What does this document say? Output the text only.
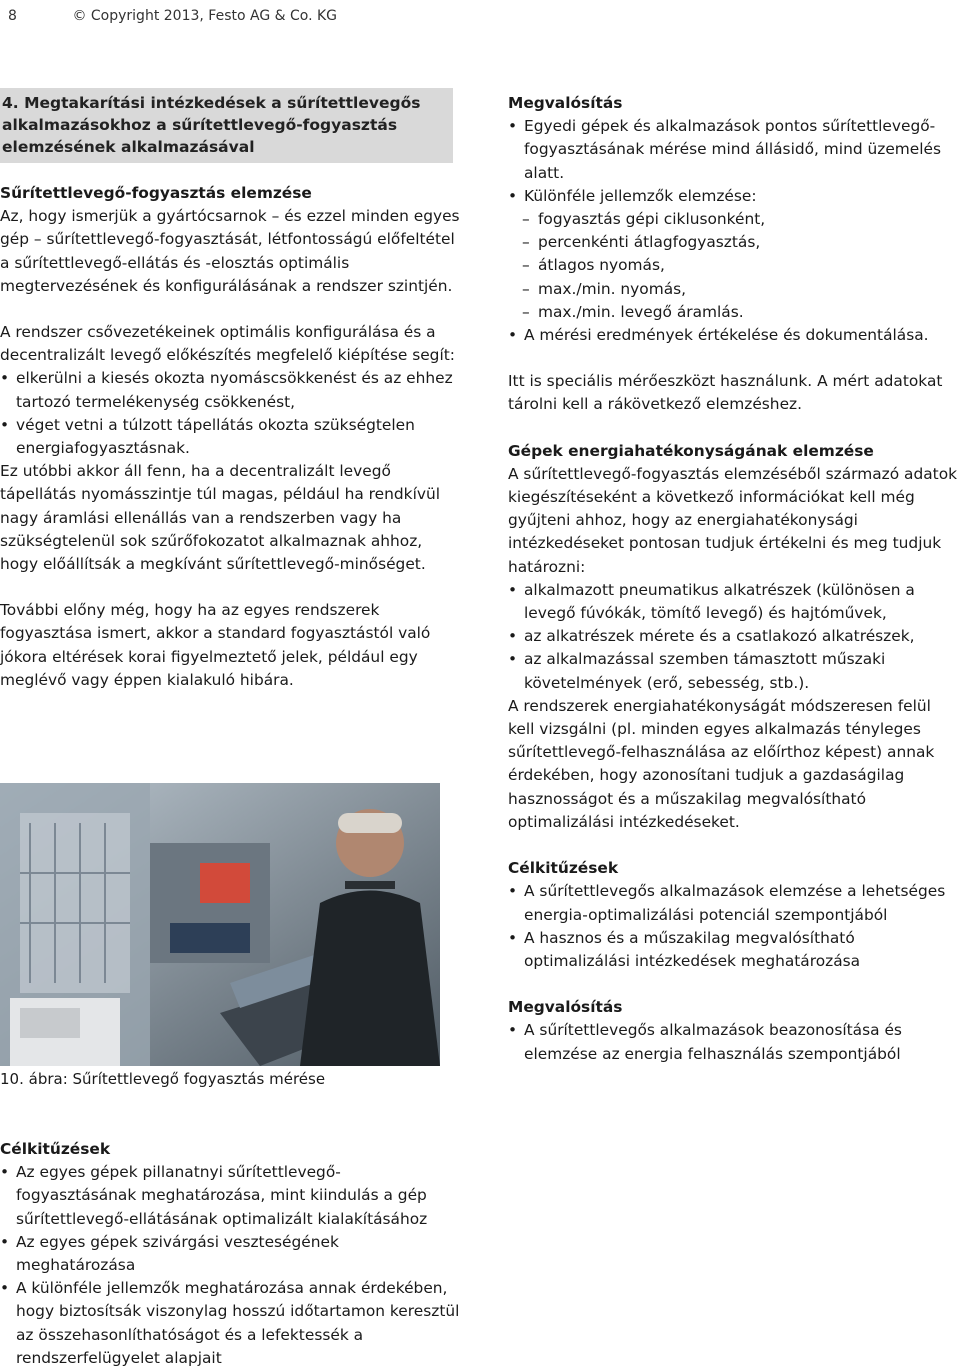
8	© Copyright 2013, Festo AG & Co. KG
4. Megtakarítási intézkedések a sűrítettlevegős alkalmazásokhoz a sűrítettlevegő-fogyasztás elemzésének alkalmazásával
Sűrítettlevegő-fogyasztás elemzése
Az, hogy ismerjük a gyártócsarnok – és ezzel minden egyes gép – sűrítettlevegő-fogyasztását, létfontosságú előfeltétel a sűrítettlevegő-ellátás és -elosztás optimális megtervezésének és konfigurálásának a rendszer szintjén.
A rendszer csővezetékeinek optimális konfigurálása és a decentralizált levegő előkészítés megfelelő kiépítése segít:
• elkerülni a kiesés okozta nyomáscsökkenést és az ehhez tartozó termelékenység csökkenést,
• véget vetni a túlzott tápellátás okozta szükségtelen energiafogyasztásnak.
Ez utóbbi akkor áll fenn, ha a decentralizált levegő tápellátás nyomásszintje túl magas, például ha rendkívül nagy áramlási ellenállás van a rendszerben vagy ha szükségtelenül sok szűrőfokozatot alkalmaznak ahhoz, hogy előállítsák a megkívánt sűrítettlevegő-minőséget.
További előny még, hogy ha az egyes rendszerek fogyasztása ismert, akkor a standard fogyasztástól való jókora eltérések korai figyelmeztető jelek, például egy meglévő vagy éppen kialakuló hibára.
10. ábra: Sűrítettlevegő fogyasztás mérése
Célkitűzések
• Az egyes gépek pillanatnyi sűrítettlevegő-fogyasztásának meghatározása, mint kiindulás a gép sűrítettlevegő-ellátásának optimalizált kialakításához
• Az egyes gépek szivárgási veszteségének meghatározása
• A különféle jellemzők meghatározása annak érdekében, hogy biztosítsák viszonylag hosszú időtartamon keresztül az összehasonlíthatóságot és a lefektessék a rendszerfelügyelet alapjait
Megvalósítás
• Egyedi gépek és alkalmazások pontos sűrítettlevegő-fogyasztásának mérése mind állásidő, mind üzemelés alatt.
• Különféle jellemzők elemzése:
– fogyasztás gépi ciklusonként,
– percenkénti átlagfogyasztás,
– átlagos nyomás,
– max./min. nyomás,
– max./min. levegő áramlás.
• A mérési eredmények értékelése és dokumentálása.
Itt is speciális mérőeszközt használunk. A mért adatokat tárolni kell a rákövetkező elemzéshez.
Gépek energiahatékonyságának elemzése
A sűrítettlevegő-fogyasztás elemzéséből származó adatok kiegészítéseként a következő információkat kell még gyűjteni ahhoz, hogy az energiahatékonysági intézkedéseket pontosan tudjuk értékelni és meg tudjuk határozni:
• alkalmazott pneumatikus alkatrészek (különösen a levegő fúvókák, tömítő levegő) és hajtóművek,
• az alkatrészek mérete és a csatlakozó alkatrészek,
• az alkalmazással szemben támasztott műszaki követelmények (erő, sebesség, stb.).
A rendszerek energiahatékonyságát módszeresen felül kell vizsgálni (pl. minden egyes alkalmazás tényleges sűrítettlevegő-felhasználása az előírthoz képest) annak érdekében, hogy azonosítani tudjuk a gazdaságilag hasznosságot és a műszakilag megvalósítható optimalizálási intézkedéseket.
Célkitűzések
• A sűrítettlevegős alkalmazások elemzése a lehetséges energia-optimalizálási potenciál szempontjából
• A hasznos és a műszakilag megvalósítható optimalizálási intézkedések meghatározása
Megvalósítás
• A sűrítettlevegős alkalmazások beazonosítása és elemzése az energia felhasználás szempontjából
